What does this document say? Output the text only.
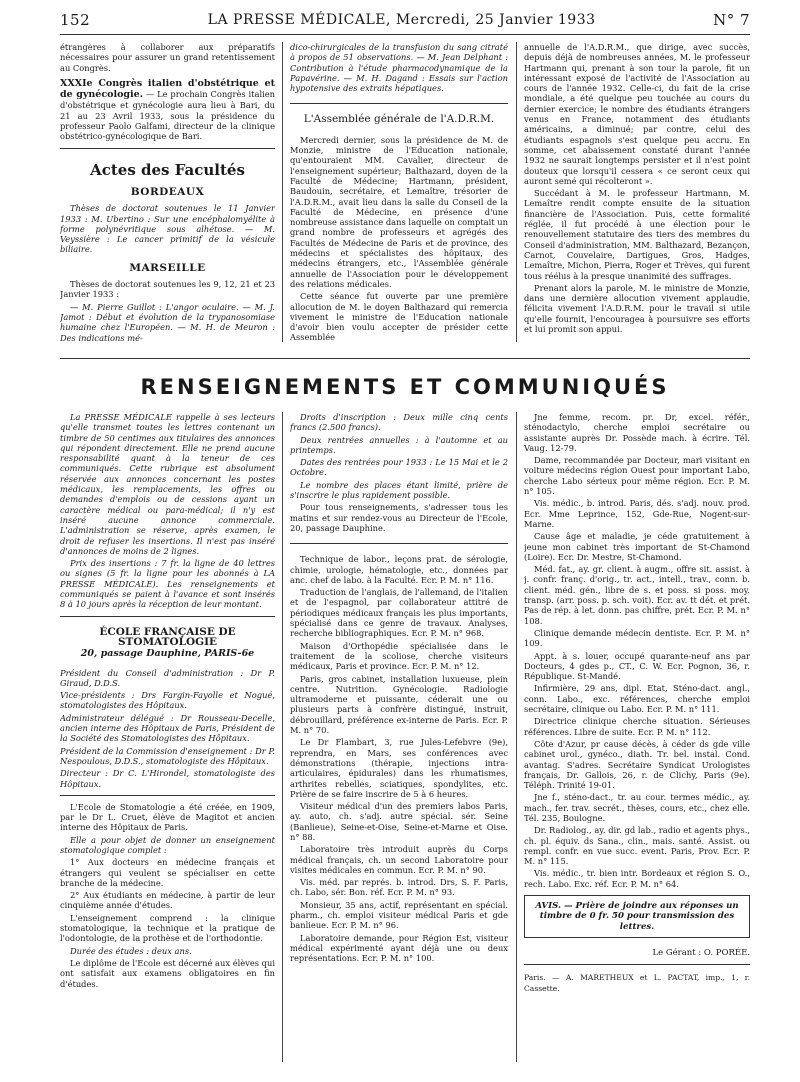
152	LA PRESSE MÉDICALE, Mercredi, 25 Janvier 1933	N° 7

étrangères à collaborer aux préparatifs nécessaires pour assurer un grand retentissement au Congrès.

XXXIe Congrès italien d'obstétrique et de gynécologie. — Le prochain Congrès italien d'obstétrique et gynécologie aura lieu à Bari, du 21 au 23 Avril 1933, sous la présidence du professeur Paolo Galfami, directeur de la clinique obstétrico-gynécologique de Bari.

Actes des Facultés
BORDEAUX

Thèses de doctorat soutenues le 11 Janvier 1933 : M. Ubertino : Sur une encéphalomyélite à forme polynévritique sous alhétose. — M. Veyssière : Le cancer primitif de la vésicule biliaire.

MARSEILLE

Thèses de doctorat soutenues les 9, 12, 21 et 23 Janvier 1933 :

— M. Pierre Guillot : L'angor oculaire. — M. J. Jamot : Début et évolution de la trypanosomiase humaine chez l'Européen. — M. H. de Meuron : Des indications mé-

dico-chirurgicales de la transfusion du sang citraté à propos de 51 observations. — M. Jean Delphant : Contribution à l'étude pharmacodynamique de la Papavérine. — M. H. Dagand : Essais sur l'action hypotensive des extraits hépatiques.

L'Assemblée générale de l'A.D.R.M.

Mercredi dernier, sous la présidence de M. de Monzie, ministre de l'Education nationale, qu'entouraient MM. Cavalier, directeur de l'enseignement supérieur; Balthazard, doyen de la Faculté de Médecine; Hartmann, président, Baudouin, secrétaire, et Lemaître, trésorier de l'A.D.R.M., avait lieu dans la salle du Conseil de la Faculté de Médecine, en présence d'une nombreuse assistance dans laquelle on comptait un grand nombre de professeurs et agrégés des Facultés de Médecine de Paris et de province, des médecins et spécialistes des hôpitaux, des médecins étrangers, etc., l'Assemblée générale annuelle de l'Association pour le développement des relations médicales.

Cette séance fut ouverte par une première allocution de M. le doyen Balthazard qui remercia vivement le ministre de l'Education nationale d'avoir bien voulu accepter de présider cette Assemblée

annuelle de l'A.D.R.M., que dirige, avec succès, depuis déjà de nombreuses années, M. le professeur Hartmann qui, prenant à son tour la parole, fit un intéressant exposé de l'activité de l'Association au cours de l'année 1932. Celle-ci, du fait de la crise mondiale, a été quelque peu touchée au cours du dernier exercice; le nombre des étudiants étrangers venus en France, notamment des étudiants américains, a diminué; par contre, celui des étudiants espagnols s'est quelque peu accru. En somme, cet abaissement constaté durant l'année 1932 ne saurait longtemps persister et il n'est point douteux que lorsqu'il cessera « ce seront ceux qui auront semé qui récolteront ».

Succédant à M. le professeur Hartmann, M. Lemaître rendit compte ensuite de la situation financière de l'Association. Puis, cette formalité réglée, il fut procédé à une élection pour le renouvellement statutaire des tiers des membres du Conseil d'administration, MM. Balthazard, Bezançon, Carnot, Couvelaire, Dartigues, Gros, Hadges, Lemaître, Michon, Pierra, Roger et Trèves, qui furent tous réélus à la presque unanimité des suffrages.

Prenant alors la parole, M. le ministre de Monzie, dans une dernière allocution vivement applaudie, félicita vivement l'A.D.R.M. pour le travail si utile qu'elle fournit, l'encouragea à poursuivre ses efforts et lui promit son appui.

RENSEIGNEMENTS ET COMMUNIQUÉS

La PRESSE MÉDICALE rappelle à ses lecteurs qu'elle transmet toutes les lettres contenant un timbre de 50 centimes aux titulaires des annonces qui répondent directement. Elle ne prend aucune responsabilité quant à la teneur de ces communiqués. Cette rubrique est absolument réservée aux annonces concernant les postes médicaux, les remplacements, les offres ou demandes d'emplois ou de cessions ayant un caractère médical ou para-médical; il n'y est inséré aucune annonce commerciale. L'administration se réserve, après examen, le droit de refuser les insertions. Il n'est pas inséré d'annonces de moins de 2 lignes.

Prix des insertions : 7 fr. la ligne de 40 lettres ou signes (5 fr. la ligne pour les abonnés à LA PRESSE MÉDICALE). Les renseignements et communiqués se paient à l'avance et sont insérés 8 à 10 jours après la réception de leur montant.

ÉCOLE FRANÇAISE DE STOMATOLOGIE
20, passage Dauphine, PARIS-6e

Président du Conseil d'administration : Dr P. Giraud, D.D.S.

Vice-présidents : Drs Fargin-Fayolle et Nogué, stomatologistes des Hôpitaux.

Administrateur délégué : Dr Rousseau-Decelle, ancien interne des Hôpitaux de Paris, Président de la Société des Stomatologistes des Hôpitaux.

Président de la Commission d'enseignement : Dr P. Nespoulous, D.D.S., stomatologiste des Hôpitaux.

Directeur : Dr C. L'Hirondel, stomatologiste des Hôpitaux.

L'Ecole de Stomatologie a été créée, en 1909, par le Dr L. Cruet, élève de Magitot et ancien interne des Hôpitaux de Paris.

Elle a pour objet de donner un enseignement stomatologique complet :

1° Aux docteurs en médecine français et étrangers qui veulent se spécialiser en cette branche de la médecine.

2° Aux étudiants en médecine, à partir de leur cinquième année d'études.

L'enseignement comprend : la clinique stomatologique, la technique et la pratique de l'odontologie, de la prothèse et de l'orthodontie.

Durée des études : deux ans.

Le diplôme de l'Ecole est décerné aux élèves qui ont satisfait aux examens obligatoires en fin d'études.

Droits d'inscription : Deux mille cinq cents francs (2.500 francs).

Deux rentrées annuelles : à l'automne et au printemps.

Dates des rentrées pour 1933 : Le 15 Mai et le 2 Octobre.

Le nombre des places étant limité, prière de s'inscrire le plus rapidement possible.

Pour tous renseignements, s'adresser tous les matins et sur rendez-vous au Directeur de l'Ecole, 20, passage Dauphine.

Technique de labor., leçons prat. de sérologie, chimie, urologie, hématologie, etc., données par anc. chef de labo. à la Faculté. Ecr. P. M. n° 116.

Traduction de l'anglais, de l'allemand, de l'italien et de l'espagnol, par collaborateur attitré de périodiques médicaux français les plus importants, spécialisé dans ce genre de travaux. Analyses, recherche bibliographiques. Ecr. P. M. n° 968.

Maison d'Orthopédie spécialisée dans le traitement de la scoliose, cherche visiteurs médicaux, Paris et province. Ecr. P. M. n° 12.

Paris, gros cabinet, installation luxueuse, plein centre. Nutrition. Gynécologie. Radiologie ultramoderne et puissante, céderait une ou plusieurs parts à confrère distingué, instruit, débrouillard, préférence ex-interne de Paris. Ecr. P. M. n° 70.

Le Dr Flambart, 3, rue Jules-Lefebvre (9e), reprendra, en Mars, ses conférences avec démonstrations (thérapie, injections intra-articulaires, épidurales) dans les rhumatismes, arthrites rebelles, sciatiques, spondylites, etc. Prière de se faire inscrire de 5 à 6 heures.

Visiteur médical d'un des premiers labos Paris, ay. auto, ch. s'adj. autre spécial. sér. Seine (Banlieue), Seine-et-Oise, Seine-et-Marne et Oise. n° 88.

Laboratoire très introduit auprès du Corps médical français, ch. un second Laboratoire pour visites médicales en commun. Ecr. P. M. n° 90.

Vis. méd. par représ. b. introd. Drs, S. F. Paris, ch. Labo, sér. Bon. réf. Ecr. P. M. n° 93.

Monsieur, 35 ans, actif, représentant en spécial. pharm., ch. emploi visiteur médical Paris et gde banlieue. Ecr. P. M. n° 96.

Laboratoire demande, pour Région Est, visiteur médical expérimenté ayant déjà une ou deux représentations. Ecr. P. M. n° 100.

Jne femme, recom. pr. Dr, excel. référ., sténodactylo, cherche emploi secrétaire ou assistante auprès Dr. Possède mach. à écrire. Tél. Vaug. 12-79.

Dame, recommandée par Docteur, mari visitant en voiture médecins région Ouest pour important Labo, cherche Labo sérieux pour même région. Ecr. P. M. n° 105.

Vis. médic., b. introd. Paris, dés. s'adj. nouv. prod. Ecr. Mme Leprince, 152, Gde-Rue, Nogent-sur-Marne.

Cause âge et maladie, je céde gratuitement à jeune mon cabinet très important de St-Chamond (Loire). Ecr. Dr. Mestre, St-Chamond.

Méd. fat., ay. gr. client. à augm., offre sit. assist. à j. confr. franç. d'orig., tr. act., intell., trav., conn. b. client. méd. gén., libre de s. et poss. si poss. moy. transp. (arr. poss. p. sch. voit). Ecr. av. tt dét. et prét. Pas de rép. à let. donn. pas chiffre, prét. Ecr. P. M. n° 108.

Clinique demande médecin dentiste. Ecr. P. M. n° 109.

Appt. à s. louer, occupé quarante-neuf ans par Docteurs, 4 gdes p., CT., C. W. Ecr. Pognon, 36, r. République. St-Mandé.

Infirmière, 29 ans, dipl. Etat, Sténo-dact. angl., conn. Labo., exc. références, cherche emploi secrétaire, clinique ou Labo. Ecr. P. M. n° 111.

Directrice clinique cherche situation. Sérieuses références. Libre de suite. Ecr. P. M. n° 112.

Côte d'Azur, pr cause décès, à céder ds gde ville cabinet urol., gynéco., diath. Tr. bel. instal. Cond. avantag. S'adres. Secrétaire Syndicat Urologistes français, Dr. Gallois, 26, r. de Clichy, Paris (9e). Téléph. Trinité 19-01.

Jne f., sténo-dact., tr. au cour. termes médic., ay. mach., fer. trav. secrét., thèses, cours, etc., chez elle. Tél. 235, Boulogne.

Dr. Radiolog., ay. dir. gd lab., radio et agents phys., ch. pl. équiv. ds Sana., clin., mais. santé. Assist. ou rempl. confr. en vue succ. event. Paris, Prov. Ecr. P. M. n° 115.

Vis. médic., tr. bien intr. Bordeaux et région S. O., rech. Labo. Exc. réf. Ecr. P. M. n° 64.

AVIS. — Prière de joindre aux réponses un timbre de 0 fr. 50 pour transmission des lettres.
Le Gérant : O. PORÉE.
Paris. — A. MARETHEUX et L. PACTAT, imp., 1, r. Cassette.
